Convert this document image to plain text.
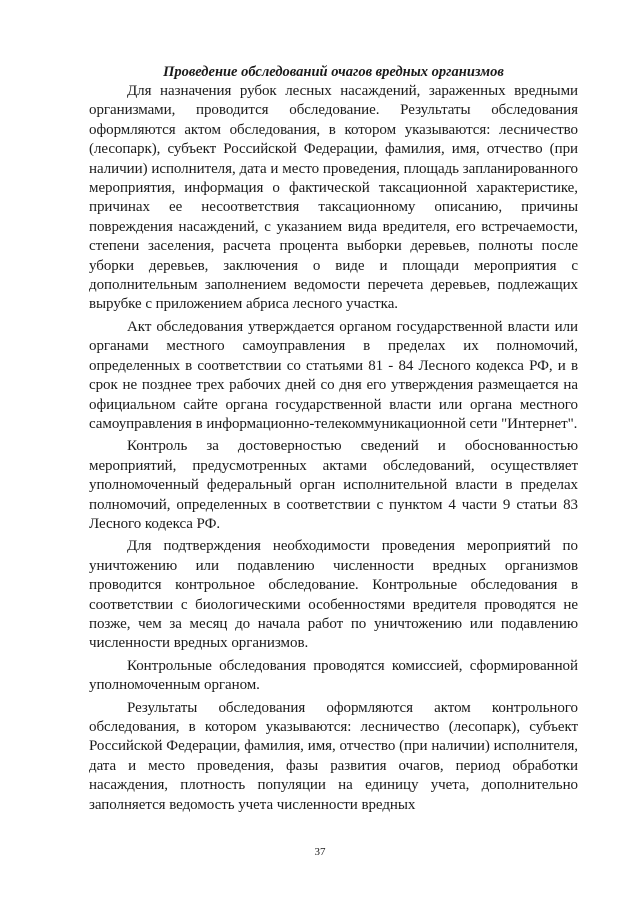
Проведение обследований очагов вредных организмов

Для назначения рубок лесных насаждений, зараженных вредными организмами, проводится обследование. Результаты обследования оформляются актом обследования, в котором указываются: лесничество (лесопарк), субъект Российской Федерации, фамилия, имя, отчество (при наличии) исполнителя, дата и место проведения, площадь запланированного мероприятия, информация о фактической таксационной характеристике, причинах ее несоответствия таксационному описанию, причины повреждения насаждений, с указанием вида вредителя, его встречаемости, степени заселения, расчета процента выборки деревьев, полноты после уборки деревьев, заключения о виде и площади мероприятия с дополнительным заполнением ведомости перечета деревьев, подлежащих вырубке с приложением абриса лесного участка.

Акт обследования утверждается органом государственной власти или органами местного самоуправления в пределах их полномочий, определенных в соответствии со статьями 81 - 84 Лесного кодекса РФ, и в срок не позднее трех рабочих дней со дня его утверждения размещается на официальном сайте органа государственной власти или органа местного самоуправления в информационно-телекоммуникационной сети "Интернет".

Контроль за достоверностью сведений и обоснованностью мероприятий, предусмотренных актами обследований, осуществляет уполномоченный федеральный орган исполнительной власти в пределах полномочий, определенных в соответствии с пунктом 4 части 9 статьи 83 Лесного кодекса РФ.

Для подтверждения необходимости проведения мероприятий по уничтожению или подавлению численности вредных организмов проводится контрольное обследование. Контрольные обследования в соответствии с биологическими особенностями вредителя проводятся не позже, чем за месяц до начала работ по уничтожению или подавлению численности вредных организмов.

Контрольные обследования проводятся комиссией, сформированной уполномоченным органом.

Результаты обследования оформляются актом контрольного обследования, в котором указываются: лесничество (лесопарк), субъект Российской Федерации, фамилия, имя, отчество (при наличии) исполнителя, дата и место проведения, фазы развития очагов, период обработки насаждения, плотность популяции на единицу учета, дополнительно заполняется ведомость учета численности вредных

37
